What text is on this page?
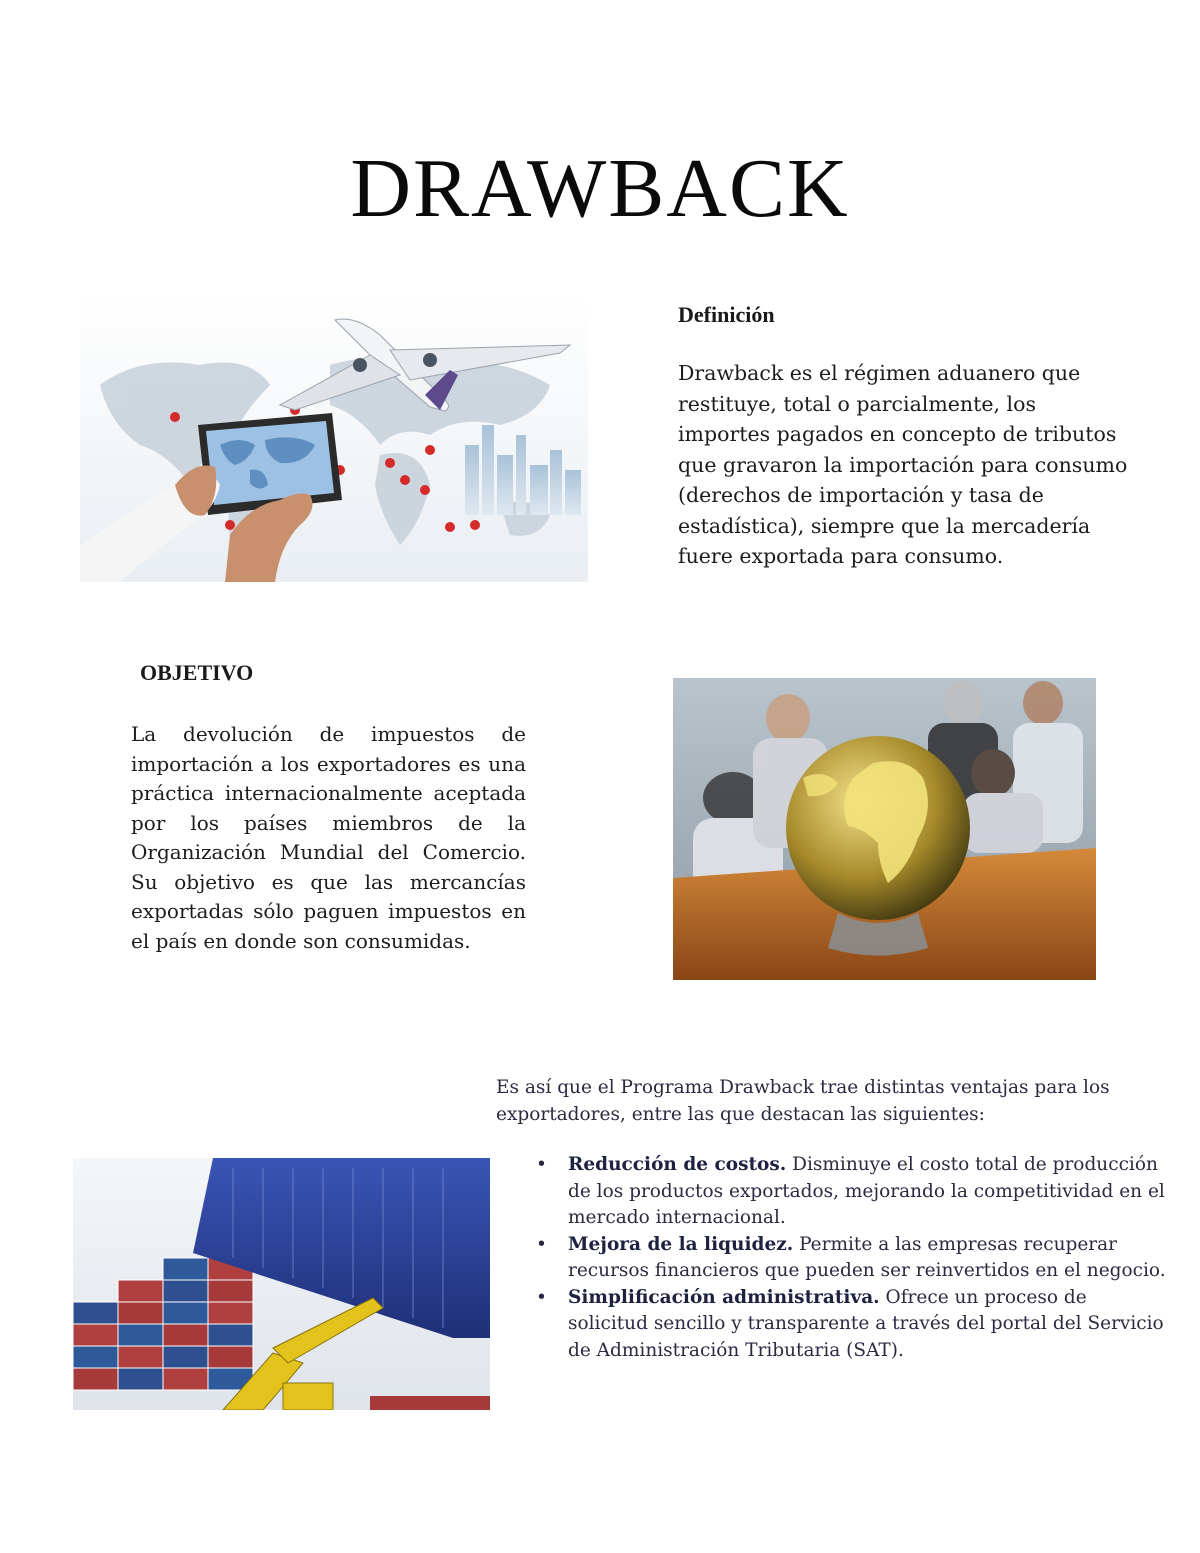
DRAWBACK
Definición
Drawback es el régimen aduanero que restituye, total o parcialmente, los importes pagados en concepto de tributos que gravaron la importación para consumo (derechos de importación y tasa de estadística), siempre que la mercadería fuere exportada para consumo.
OBJETIVO
La devolución de impuestos de importación a los exportadores es una práctica internacionalmente aceptada por los países miembros de la Organización Mundial del Comercio. Su objetivo es que las mercancías exportadas sólo paguen impuestos en el país en donde son consumidas.
Es así que el Programa Drawback trae distintas ventajas para los exportadores, entre las que destacan las siguientes:
• Reducción de costos. Disminuye el costo total de producción de los productos exportados, mejorando la competitividad en el mercado internacional.
• Mejora de la liquidez. Permite a las empresas recuperar recursos financieros que pueden ser reinvertidos en el negocio.
• Simplificación administrativa. Ofrece un proceso de solicitud sencillo y transparente a través del portal del Servicio de Administración Tributaria (SAT).
